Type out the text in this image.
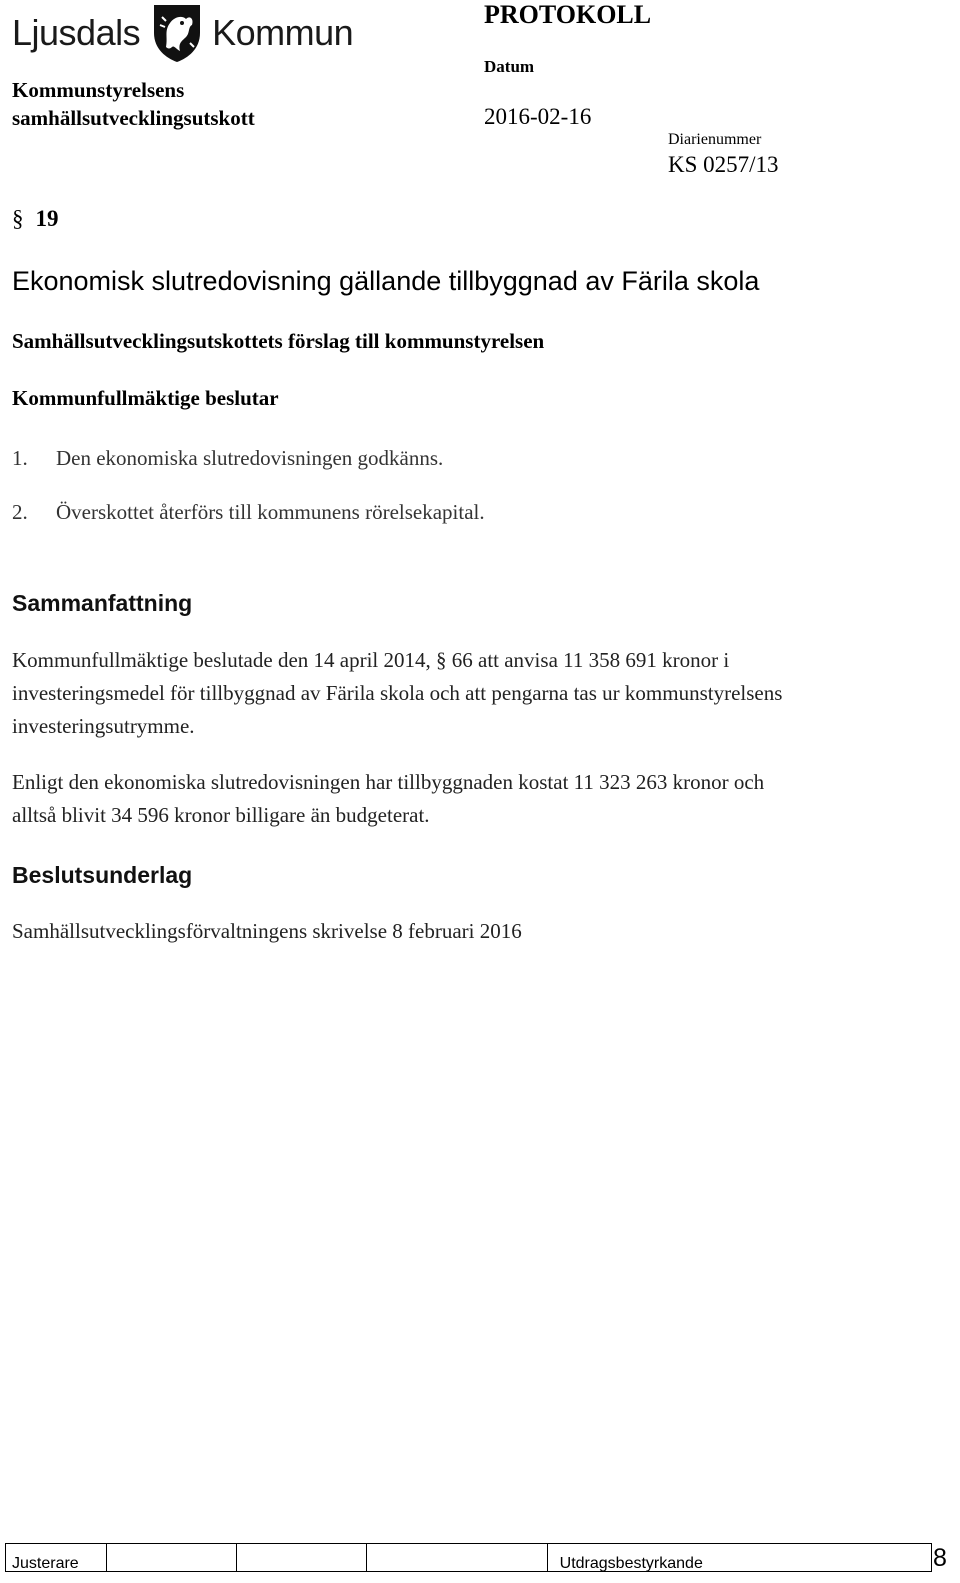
Ljusdals Kommun	PROTOKOLL
Datum
2016-02-16
Diarienummer
KS 0257/13
Kommunstyrelsens
samhällsutvecklingsutskott
§ 19
Ekonomisk slutredovisning gällande tillbyggnad av Färila skola
Samhällsutvecklingsutskottets förslag till kommunstyrelsen
Kommunfullmäktige beslutar
1. Den ekonomiska slutredovisningen godkänns.
2. Överskottet återförs till kommunens rörelsekapital.
Sammanfattning
Kommunfullmäktige beslutade den 14 april 2014, § 66 att anvisa 11 358 691 kronor i
investeringsmedel för tillbyggnad av Färila skola och att pengarna tas ur kommunstyrelsens
investeringsutrymme.
Enligt den ekonomiska slutredovisningen har tillbyggnaden kostat 11 323 263 kronor och
alltså blivit 34 596 kronor billigare än budgeterat.
Beslutsunderlag
Samhällsutvecklingsförvaltningens skrivelse 8 februari 2016
Justerare	Utdragsbestyrkande	8
